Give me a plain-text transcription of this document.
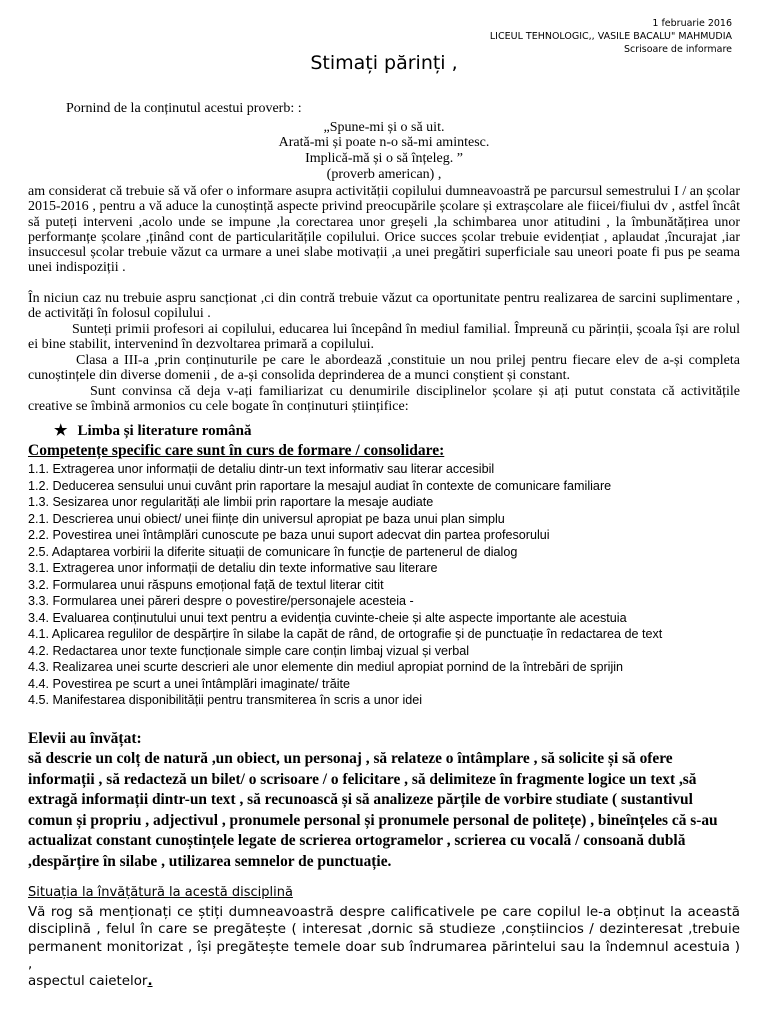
1 februarie 2016
LICEUL TEHNOLOGIC,, VASILE BACALU" MAHMUDIA
Scrisoare de informare
Stimați părinți ,
Pornind de la conținutul acestui proverb: :
„Spune-mi și o să uit.
Arată-mi și poate n-o să-mi amintesc.
Implică-mă și o să înțeleg. ”
(proverb american) ,
am considerat că trebuie să vă ofer o informare asupra activității copilului dumneavoastră pe parcursul semestrului I / an școlar 2015-2016 , pentru a vă aduce la cunoștință aspecte privind preocupările școlare și extrașcolare ale fiicei/fiului dv , astfel încât să puteți interveni ,acolo unde se impune ,la corectarea unor greșeli ,la schimbarea unor atitudini , la îmbunătățirea unor performanțe școlare ,ținând cont de particularitățile copilului. Orice succes școlar trebuie evidențiat , aplaudat ,încurajat ,iar insuccesul școlar trebuie văzut ca urmare a unei slabe motivații ,a unei pregătiri superficiale sau uneori poate fi pus pe seama unei indispoziții .
În niciun caz nu trebuie aspru sancționat ,ci din contră trebuie văzut ca oportunitate pentru realizarea de sarcini suplimentare , de activități în folosul copilului .
Sunteți primii profesori ai copilului, educarea lui începând în mediul familial. Împreună cu părinții, școala își are rolul ei bine stabilit, intervenind în dezvoltarea primară a copilului.
Clasa a III-a ,prin conținuturile pe care le abordează ,constituie un nou prilej pentru fiecare elev de a-și completa cunoștințele din diverse domenii , de a-și consolida deprinderea de a munci conștient și constant.
Sunt convinsa că deja v-ați familiarizat cu denumirile disciplinelor școlare și ați putut constata că activitățile creative se îmbină armonios cu cele bogate în conținuturi științifice:
★ Limba și literature română
Competențe specific care sunt în curs de formare / consolidare:
1.1. Extragerea unor informații de detaliu dintr-un text informativ sau literar accesibil
1.2. Deducerea sensului unui cuvânt prin raportare la mesajul audiat în contexte de comunicare familiare
1.3. Sesizarea unor regularități ale limbii prin raportare la mesaje audiate
2.1. Descrierea unui obiect/ unei ființe din universul apropiat pe baza unui plan simplu
2.2. Povestirea unei întâmplări cunoscute pe baza unui suport adecvat din partea profesorului
2.5. Adaptarea vorbirii la diferite situații de comunicare în funcție de partenerul de dialog
3.1. Extragerea unor informații de detaliu din texte informative sau literare
3.2. Formularea unui răspuns emoțional față de textul literar citit
3.3. Formularea unei păreri despre o povestire/personajele acesteia -
3.4. Evaluarea conținutului unui text pentru a evidenția cuvinte-cheie și alte aspecte importante ale acestuia
4.1. Aplicarea regulilor de despărțire în silabe la capăt de rând, de ortografie și de punctuație în redactarea de text
4.2. Redactarea unor texte funcționale simple care conțin limbaj vizual și verbal
4.3. Realizarea unei scurte descrieri ale unor elemente din mediul apropiat pornind de la întrebări de sprijin
4.4. Povestirea pe scurt a unei întâmplări imaginate/ trăite
4.5. Manifestarea disponibilității pentru transmiterea în scris a unor idei
Elevii au învățat:
să descrie un colț de natură ,un obiect, un personaj , să relateze o întâmplare , să solicite și să ofere informații , să redacteză un bilet/ o scrisoare / o felicitare , să delimiteze în fragmente logice un text ,să extragă informații dintr-un text , să recunoască și să analizeze părțile de vorbire studiate ( sustantivul comun și propriu , adjectivul , pronumele personal și pronumele personal de politețe) , bineînțeles că s-au actualizat constant cunoștințele legate de scrierea ortogramelor , scrierea cu vocală / consoană dublă ,despărțire în silabe , utilizarea semnelor de punctuație.
Situația la învățătură la acestă disciplină
Vă rog să menționați ce știți dumneavoastră despre calificativele pe care copilul le-a obținut la această disciplină , felul în care se pregătește ( interesat ,dornic să studieze ,conștiincios / dezinteresat ,trebuie permanent monitorizat , își pregătește temele doar sub îndrumarea părintelui sau la îndemnul acestuia ) ,
aspectul caietelor.
